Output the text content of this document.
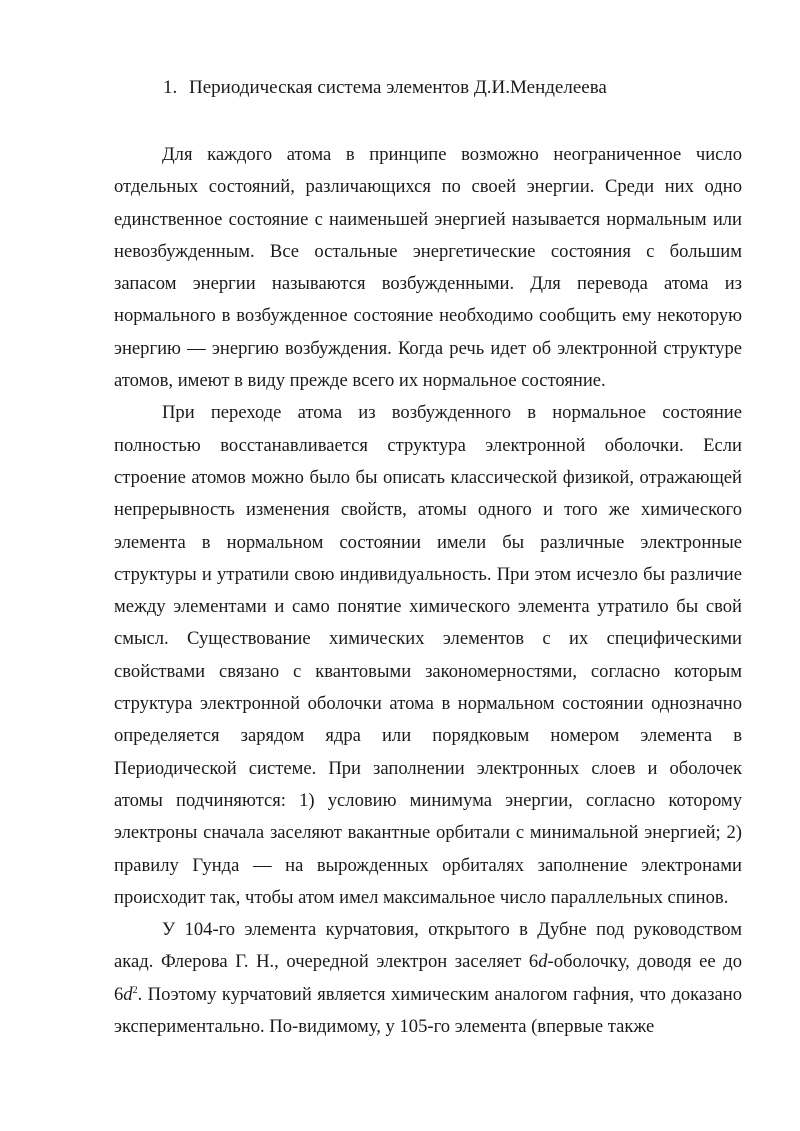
1. Периодическая система элементов Д.И.Менделеева

Для каждого атома в принципе возможно неограниченное число отдельных состояний, различающихся по своей энергии. Среди них одно единственное состояние с наименьшей энергией называется нормальным или невозбужденным. Все остальные энергетические состояния с большим запасом энергии называются возбужденными. Для перевода атома из нормального в возбужденное состояние необходимо сообщить ему некоторую энергию — энергию возбуждения. Когда речь идет об электронной структуре атомов, имеют в виду прежде всего их нормальное состояние.

При переходе атома из возбужденного в нормальное состояние полностью восстанавливается структура электронной оболочки. Если строение атомов можно было бы описать классической физикой, отражающей непрерывность изменения свойств, атомы одного и того же химического элемента в нормальном состоянии имели бы различные электронные структуры и утратили свою индивидуальность. При этом исчезло бы различие между элементами и само понятие химического элемента утратило бы свой смысл. Существование химических элементов с их специфическими свойствами связано с квантовыми закономерностями, согласно которым структура электронной оболочки атома в нормальном состоянии однозначно определяется зарядом ядра или порядковым номером элемента в Периодической системе. При заполнении электронных слоев и оболочек атомы подчиняются: 1) условию минимума энергии, согласно которому электроны сначала заселяют вакантные орбитали с минимальной энергией; 2) правилу Гунда — на вырожденных орбиталях заполнение электронами происходит так, чтобы атом имел максимальное число параллельных спинов.

У 104-го элемента курчатовия, открытого в Дубне под руководством акад. Флерова Г. Н., очередной электрон заселяет 6d-оболочку, доводя ее до $6d^2$. Поэтому курчатовий является химическим аналогом гафния, что доказано экспериментально. По-видимому, у 105-го элемента (впервые также
